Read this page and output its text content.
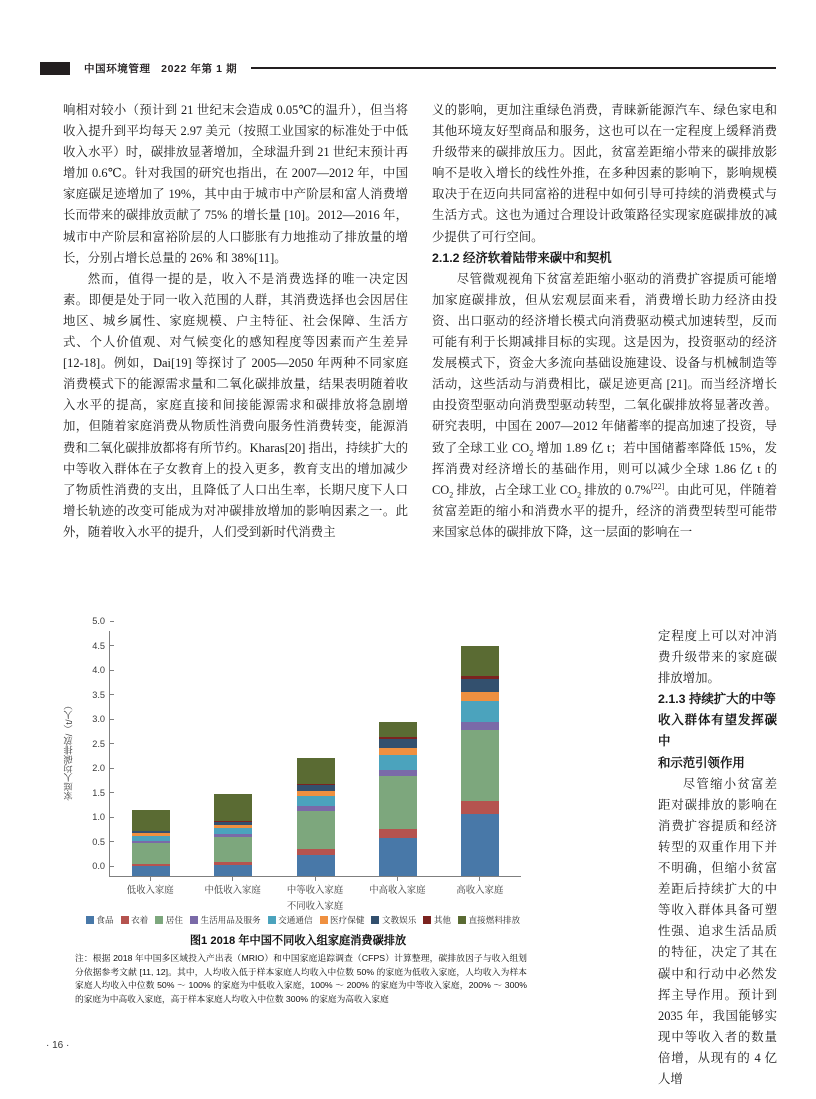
中国环境管理 2022 年第 1 期

响相对较小（预计到 21 世纪末会造成 0.05℃的温升），但当将收入提升到平均每天 2.97 美元（按照工业国家的标准处于中低收入水平）时，碳排放显著增加，全球温升到 21 世纪末预计再增加 0.6℃。针对我国的研究也指出，在 2007—2012 年，中国家庭碳足迹增加了 19%，其中由于城市中产阶层和富人消费增长而带来的碳排放贡献了 75% 的增长量 [10]。2012—2016 年，城市中产阶层和富裕阶层的人口膨胀有力地推动了排放量的增长，分别占增长总量的 26% 和 38%[11]。

然而，值得一提的是，收入不是消费选择的唯一决定因素。即便是处于同一收入范围的人群，其消费选择也会因居住地区、城乡属性、家庭规模、户主特征、社会保障、生活方式、个人价值观、对气候变化的感知程度等因素而产生差异 [12-18]。例如，Dai[19] 等探讨了 2005—2050 年两种不同家庭消费模式下的能源需求量和二氧化碳排放量，结果表明随着收入水平的提高，家庭直接和间接能源需求和碳排放将急剧增加，但随着家庭消费从物质性消费向服务性消费转变，能源消费和二氧化碳排放都将有所节约。Kharas[20] 指出，持续扩大的中等收入群体在子女教育上的投入更多，教育支出的增加减少了物质性消费的支出，且降低了人口出生率，长期尺度下人口增长轨迹的改变可能成为对冲碳排放增加的影响因素之一。此外，随着收入水平的提升，人们受到新时代消费主

义的影响，更加注重绿色消费，青睐新能源汽车、绿色家电和其他环境友好型商品和服务，这也可以在一定程度上缓释消费升级带来的碳排放压力。因此，贫富差距缩小带来的碳排放影响不是收入增长的线性外推，在多种因素的影响下，影响规模取决于在迈向共同富裕的进程中如何引导可持续的消费模式与生活方式。这也为通过合理设计政策路径实现家庭碳排放的减少提供了可行空间。

2.1.2 经济软着陆带来碳中和契机

尽管微观视角下贫富差距缩小驱动的消费扩容提质可能增加家庭碳排放，但从宏观层面来看，消费增长助力经济由投资、出口驱动的经济增长模式向消费驱动模式加速转型，反而可能有利于长期减排目标的实现。这是因为，投资驱动的经济发展模式下，资金大多流向基础设施建设、设备与机械制造等活动，这些活动与消费相比，碳足迹更高 [21]。而当经济增长由投资型驱动向消费型驱动转型，二氧化碳排放将显著改善。研究表明，中国在 2007—2012 年储蓄率的提高加速了投资，导致了全球工业 $CO_2$ 增加 1.89 亿 t；若中国储蓄率降低 15%，发挥消费对经济增长的基础作用，则可以减少全球 1.86 亿 t 的 $CO_2$ 排放，占全球工业 $CO_2$ 排放的 0.7%[22]。由此可见，伴随着贫富差距的缩小和消费水平的提升，经济的消费型转型可能带来国家总体的碳排放下降，这一层面的影响在一

定程度上可以对冲消费升级带来的家庭碳排放增加。

2.1.3 持续扩大的中等

收入群体有望发挥碳中

和示范引领作用

尽管缩小贫富差距对碳排放的影响在消费扩容提质和经济转型的双重作用下并不明确，但缩小贫富差距后持续扩大的中等收入群体具备可塑性强、追求生活品质的特征，决定了其在碳中和行动中必然发挥主导作用。预计到 2035 年，我国能够实现中等收入者的数量倍增，从现有的 4 亿人增

家庭人均碳排放/（t/人）
0.0
0.5
1.0
1.5
2.0
2.5
3.0
3.5
4.0
4.5
5.0
低收入家庭	中低收入家庭	中等收入家庭	中高收入家庭	高收入家庭
不同收入家庭
食品 衣着 居住 生活用品及服务 交通通信 医疗保健 文教娱乐 其他 直接燃料排放
图1 2018 年中国不同收入组家庭消费碳排放
注：根据 2018 年中国多区域投入产出表（MRIO）和中国家庭追踪调查（CFPS）计算整理，碳排放因子与收入组划分依据参考文献 [11, 12]。其中，人均收入低于样本家庭人均收入中位数 50% 的家庭为低收入家庭，人均收入为样本家庭人均收入中位数 50% ～ 100% 的家庭为中低收入家庭，100% ～ 200% 的家庭为中等收入家庭，200% ～ 300% 的家庭为中高收入家庭，高于样本家庭人均收入中位数 300% 的家庭为高收入家庭
· 16 ·
